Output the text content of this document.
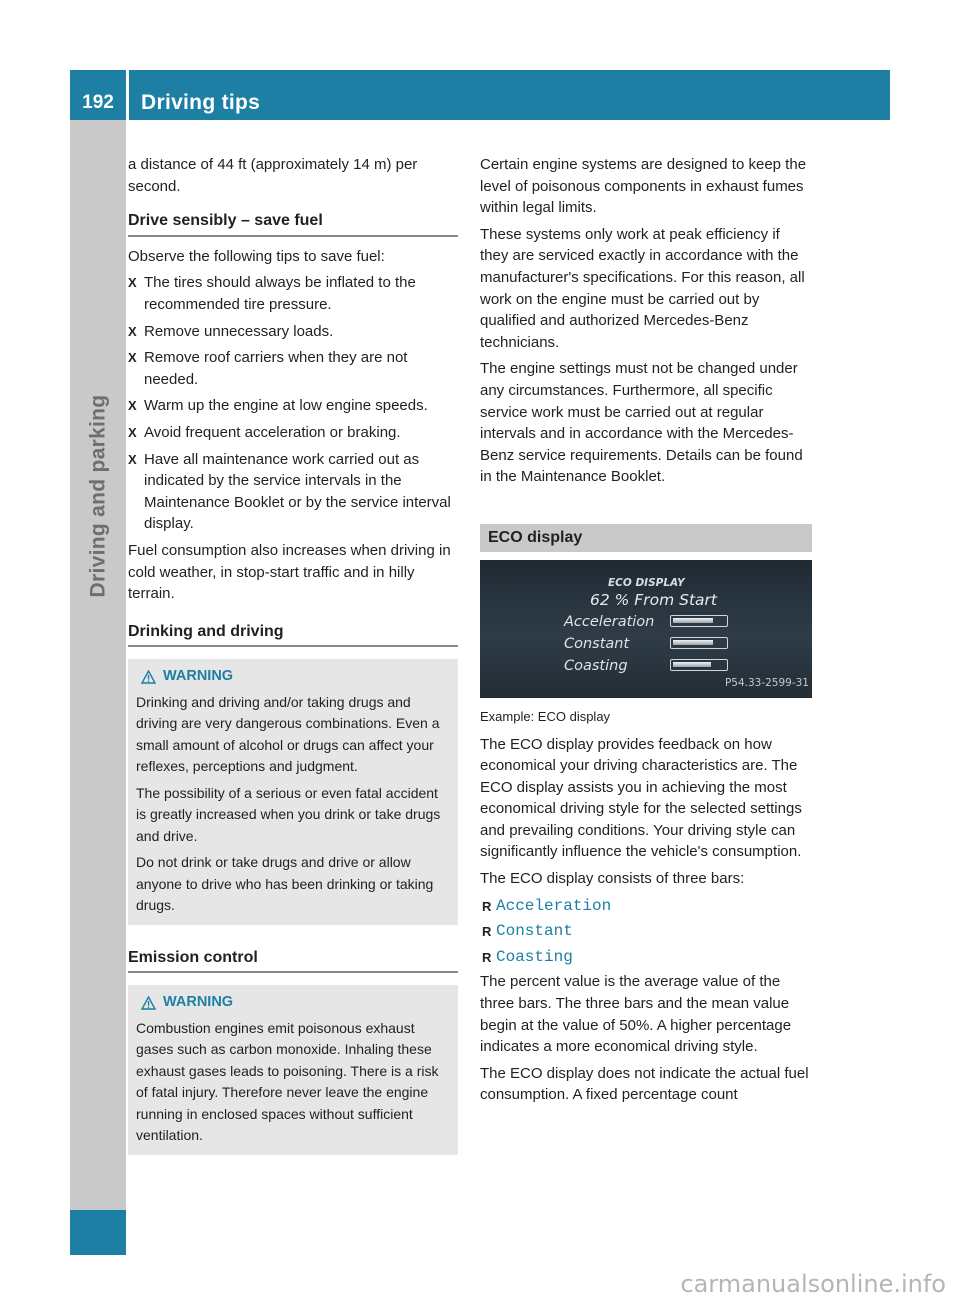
192	Driving tips
Driving and parking

a distance of 44 ft (approximately 14 m) per second.

Drive sensibly – save fuel

Observe the following tips to save fuel:

X The tires should always be inflated to the recommended tire pressure.
X Remove unnecessary loads.
X Remove roof carriers when they are not needed.
X Warm up the engine at low engine speeds.
X Avoid frequent acceleration or braking.
X Have all maintenance work carried out as indicated by the service intervals in the Maintenance Booklet or by the service interval display.

Fuel consumption also increases when driving in cold weather, in stop-start traffic and in hilly terrain.

Drinking and driving
WARNING

Drinking and driving and/or taking drugs and driving are very dangerous combinations. Even a small amount of alcohol or drugs can affect your reflexes, perceptions and judgment.

The possibility of a serious or even fatal accident is greatly increased when you drink or take drugs and drive.

Do not drink or take drugs and drive or allow anyone to drive who has been drinking or taking drugs.

Emission control
WARNING

Combustion engines emit poisonous exhaust gases such as carbon monoxide. Inhaling these exhaust gases leads to poisoning. There is a risk of fatal injury. Therefore never leave the engine running in enclosed spaces without sufficient ventilation.

Certain engine systems are designed to keep the level of poisonous components in exhaust fumes within legal limits.

These systems only work at peak efficiency if they are serviced exactly in accordance with the manufacturer's specifications. For this reason, all work on the engine must be carried out by qualified and authorized Mercedes-Benz technicians.

The engine settings must not be changed under any circumstances. Furthermore, all specific service work must be carried out at regular intervals and in accordance with the Mercedes-Benz service requirements. Details can be found in the Maintenance Booklet.

ECO display
ECO DISPLAY
62 % From Start
Acceleration
Constant
Coasting
P54.33-2599-31

Example: ECO display

The ECO display provides feedback on how economical your driving characteristics are. The ECO display assists you in achieving the most economical driving style for the selected settings and prevailing conditions. Your driving style can significantly influence the vehicle's consumption.

The ECO display consists of three bars:

R Acceleration
R Constant
R Coasting

The percent value is the average value of the three bars. The three bars and the mean value begin at the value of 50%. A higher percentage indicates a more economical driving style.

The ECO display does not indicate the actual fuel consumption. A fixed percentage count

carmanualsonline.info
